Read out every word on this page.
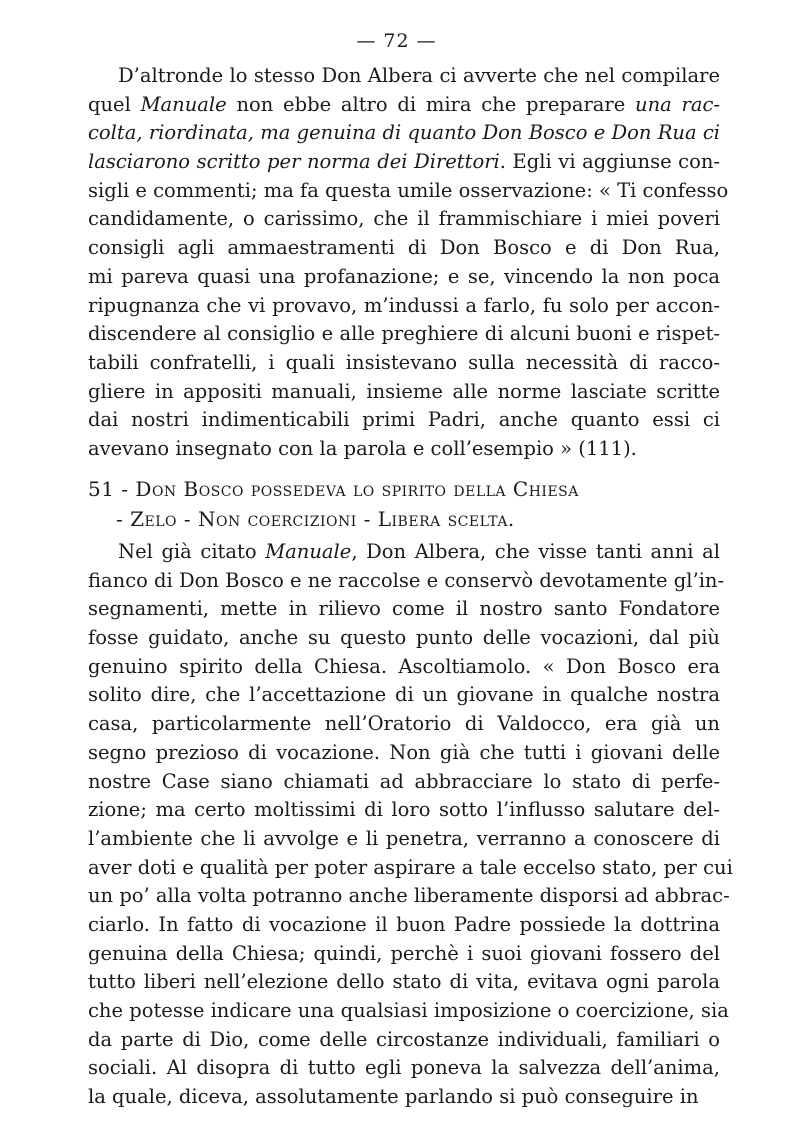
— 72 —
D’altronde lo stesso Don Albera ci avverte che nel compilare
quel Manuale non ebbe altro di mira che preparare una rac-
colta, riordinata, ma genuina di quanto Don Bosco e Don Rua ci
lasciarono scritto per norma dei Direttori. Egli vi aggiunse con-
sigli e commenti; ma fa questa umile osservazione: « Ti confesso
candidamente, o carissimo, che il frammischiare i miei poveri
consigli agli ammaestramenti di Don Bosco e di Don Rua,
mi pareva quasi una profanazione; e se, vincendo la non poca
ripugnanza che vi provavo, m’indussi a farlo, fu solo per accon-
discendere al consiglio e alle preghiere di alcuni buoni e rispet-
tabili confratelli, i quali insistevano sulla necessità di racco-
gliere in appositi manuali, insieme alle norme lasciate scritte
dai nostri indimenticabili primi Padri, anche quanto essi ci
avevano insegnato con la parola e coll’esempio » (111).
51 - Don Bosco possedeva lo spirito della Chiesa
- Zelo - Non coercizioni - Libera scelta.
Nel già citato Manuale, Don Albera, che visse tanti anni al
fianco di Don Bosco e ne raccolse e conservò devotamente gl’in-
segnamenti, mette in rilievo come il nostro santo Fondatore
fosse guidato, anche su questo punto delle vocazioni, dal più
genuino spirito della Chiesa. Ascoltiamolo. « Don Bosco era
solito dire, che l’accettazione di un giovane in qualche nostra
casa, particolarmente nell’Oratorio di Valdocco, era già un
segno prezioso di vocazione. Non già che tutti i giovani delle
nostre Case siano chiamati ad abbracciare lo stato di perfe-
zione; ma certo moltissimi di loro sotto l’influsso salutare del-
l’ambiente che li avvolge e li penetra, verranno a conoscere di
aver doti e qualità per poter aspirare a tale eccelso stato, per cui
un po’ alla volta potranno anche liberamente disporsi ad abbrac-
ciarlo. In fatto di vocazione il buon Padre possiede la dottrina
genuina della Chiesa; quindi, perchè i suoi giovani fossero del
tutto liberi nell’elezione dello stato di vita, evitava ogni parola
che potesse indicare una qualsiasi imposizione o coercizione, sia
da parte di Dio, come delle circostanze individuali, familiari o
sociali. Al disopra di tutto egli poneva la salvezza dell’anima,
la quale, diceva, assolutamente parlando si può conseguire in
